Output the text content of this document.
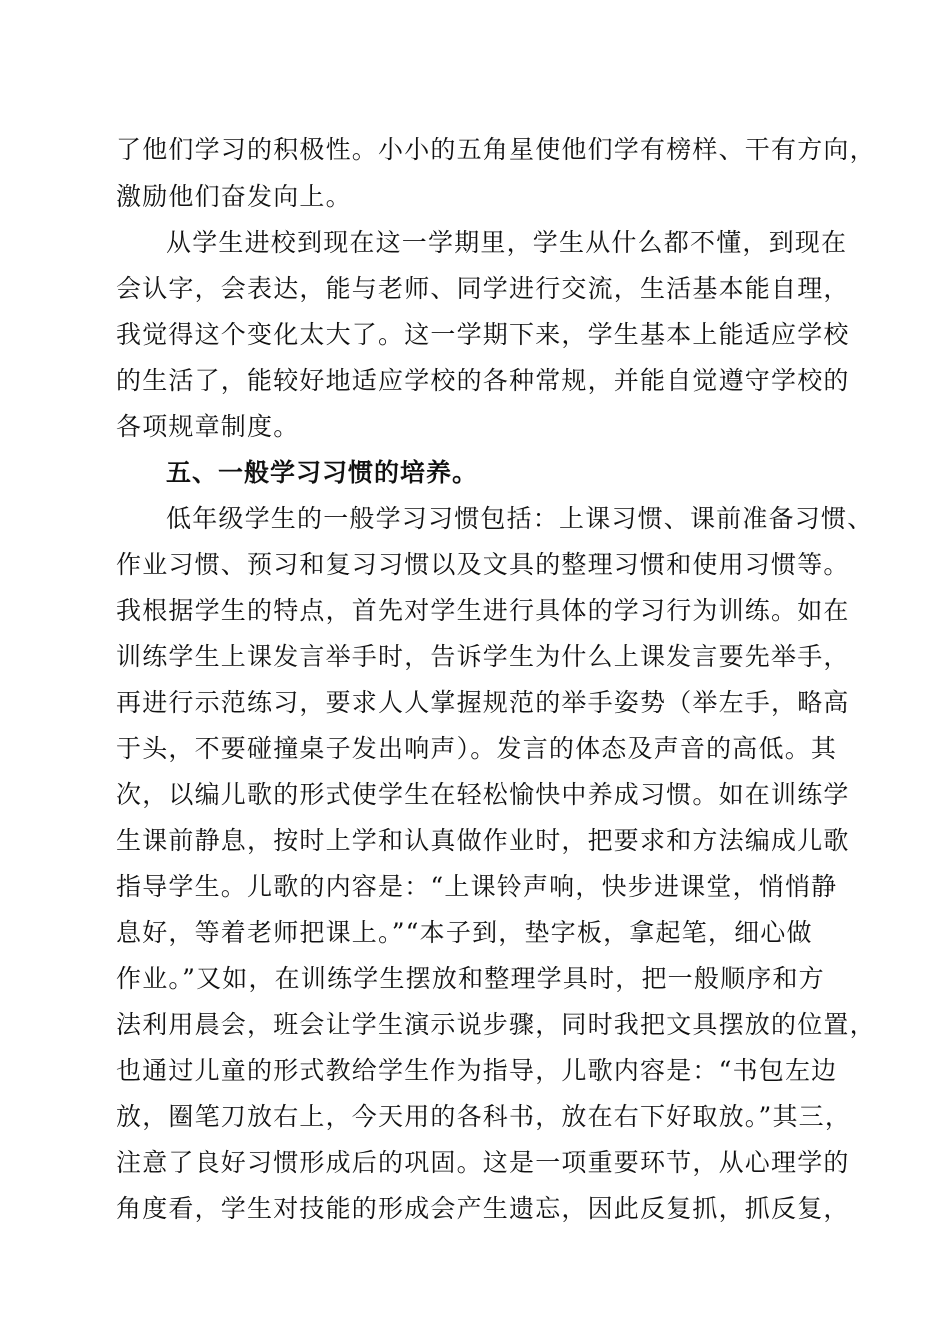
了他们学习的积极性。小小的五角星使他们学有榜样、干有方向，
激励他们奋发向上。
从学生进校到现在这一学期里，学生从什么都不懂，到现在
会认字，会表达，能与老师、同学进行交流，生活基本能自理，
我觉得这个变化太大了。这一学期下来，学生基本上能适应学校
的生活了，能较好地适应学校的各种常规，并能自觉遵守学校的
各项规章制度。
五、一般学习习惯的培养。
低年级学生的一般学习习惯包括：上课习惯、课前准备习惯、
作业习惯、预习和复习习惯以及文具的整理习惯和使用习惯等。
我根据学生的特点，首先对学生进行具体的学习行为训练。如在
训练学生上课发言举手时，告诉学生为什么上课发言要先举手，
再进行示范练习，要求人人掌握规范的举手姿势（举左手，略高
于头，不要碰撞桌子发出响声）。发言的体态及声音的高低。其
次，以编儿歌的形式使学生在轻松愉快中养成习惯。如在训练学
生课前静息，按时上学和认真做作业时，把要求和方法编成儿歌
指导学生。儿歌的内容是：“上课铃声响，快步进课堂，悄悄静
息好，等着老师把课上。”“本子到，垫字板，拿起笔，细心做
作业。”又如，在训练学生摆放和整理学具时，把一般顺序和方
法利用晨会，班会让学生演示说步骤，同时我把文具摆放的位置，
也通过儿童的形式教给学生作为指导，儿歌内容是：“书包左边
放，圈笔刀放右上，今天用的各科书，放在右下好取放。”其三，
注意了良好习惯形成后的巩固。这是一项重要环节，从心理学的
角度看，学生对技能的形成会产生遗忘，因此反复抓，抓反复，
